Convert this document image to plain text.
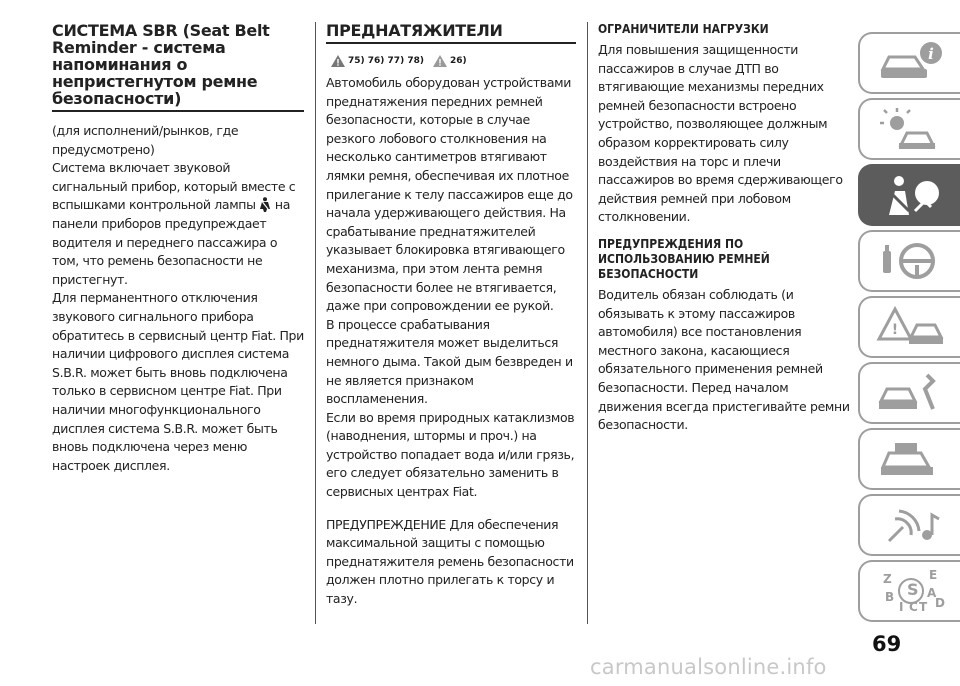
СИСТЕМА SBR (Seat Belt Reminder - система напоминания о непристегнутом ремне безопасности)

(для исполнений/рынков, где предусмотрено)

Система включает звуковой сигнальный прибор, который вместе с вспышками контрольной лампы на панели приборов предупреждает водителя и переднего пассажира о том, что ремень безопасности не пристегнут.

Для перманентного отключения звукового сигнального прибора обратитесь в сервисный центр Fiat. При наличии цифрового дисплея система S.B.R. может быть вновь подключена только в сервисном центре Fiat. При наличии многофункционального дисплея система S.B.R. может быть вновь подключена через меню настроек дисплея.

ПРЕДНАТЯЖИТЕЛИ
75) 76) 77) 78)	26)

Автомобиль оборудован устройствами преднатяжения передних ремней безопасности, которые в случае резкого лобового столкновения на несколько сантиметров втягивают лямки ремня, обеспечивая их плотное прилегание к телу пассажиров еще до начала удерживающего действия. На срабатывание преднатяжителей указывает блокировка втягивающего механизма, при этом лента ремня безопасности более не втягивается, даже при сопровождении ее рукой.

В процессе срабатывания преднатяжителя может выделиться немного дыма. Такой дым безвреден и не является признаком воспламенения.

Если во время природных катаклизмов (наводнения, штормы и проч.) на устройство попадает вода и/или грязь, его следует обязательно заменить в сервисных центрах Fiat.

ПРЕДУПРЕЖДЕНИЕ Для обеспечения максимальной защиты с помощью преднатяжителя ремень безопасности должен плотно прилегать к торсу и тазу.

ОГРАНИЧИТЕЛИ НАГРУЗКИ

Для повышения защищенности пассажиров в случае ДТП во втягивающие механизмы передних ремней безопасности встроено устройство, позволяющее должным образом корректировать силу воздействия на торс и плечи пассажиров во время сдерживающего действия ремней при лобовом столкновении.

ПРЕДУПРЕЖДЕНИЯ ПО ИСПОЛЬЗОВАНИЮ РЕМНЕЙ БЕЗОПАСНОСТИ

Водитель обязан соблюдать (и обязывать к этому пассажиров автомобиля) все постановления местного закона, касающиеся обязательного применения ремней безопасности. Перед началом движения всегда пристегивайте ремни безопасности.

i
!
Z	E
B S A
I C T D
69
carmanualsonline.info
